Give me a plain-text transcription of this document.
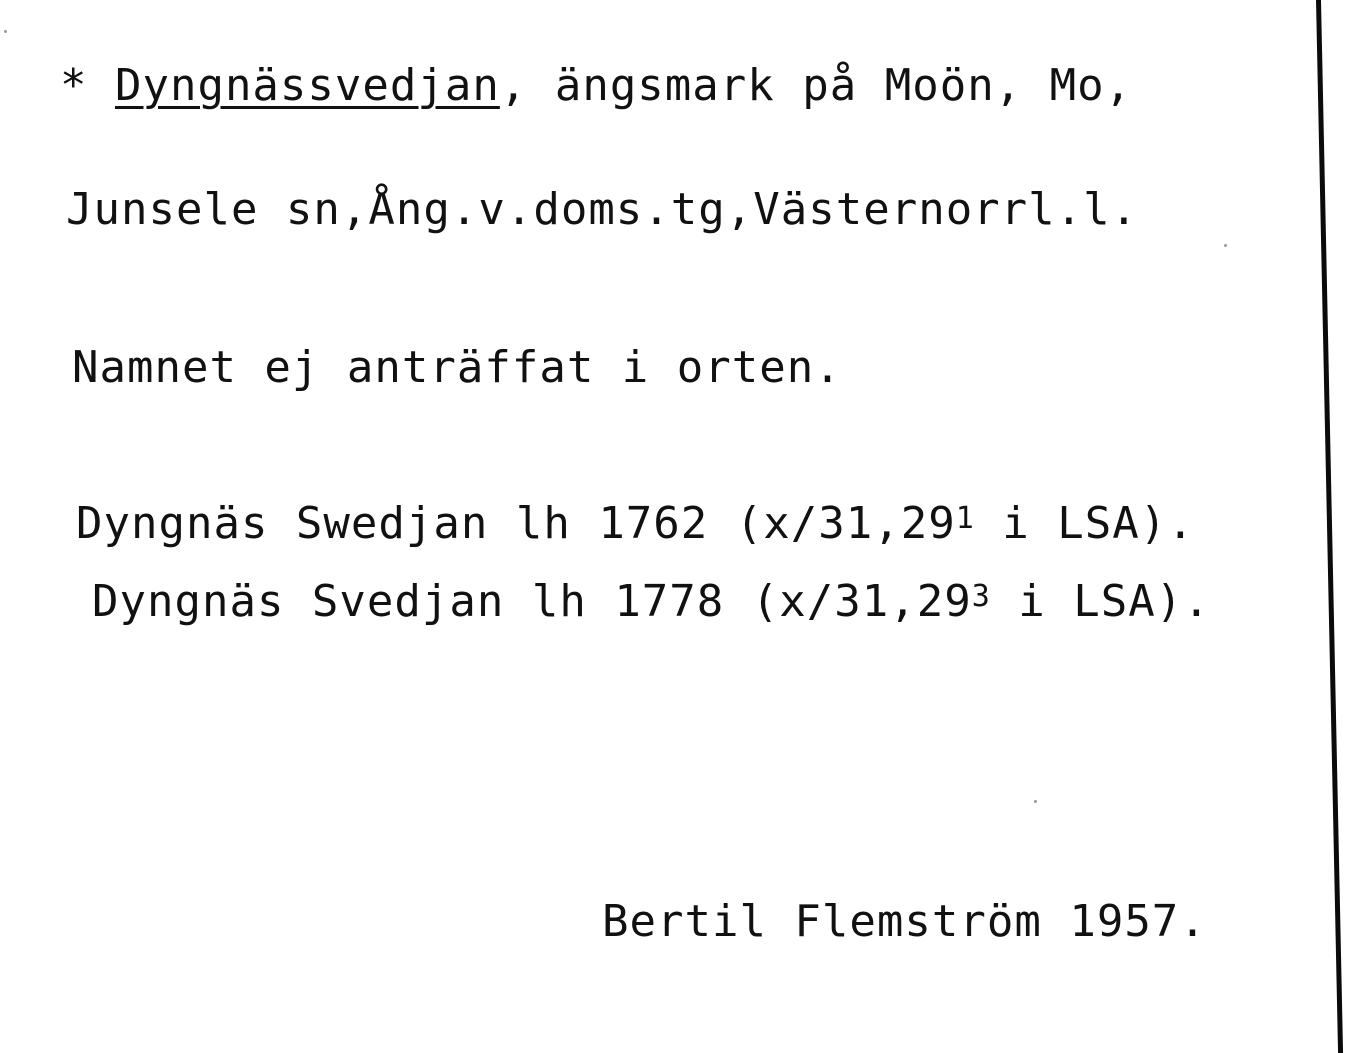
* Dyngnässvedjan, ängsmark på Moön, Mo,
Junsele sn,Ång.v.doms.tg,Västernorrl.l.
Namnet ej anträffat i orten.
Dyngnäs Swedjan lh 1762 (x/31,29$^1$ i LSA).
Dyngnäs Svedjan lh 1778 (x/31,29$^3$ i LSA).
Bertil Flemström 1957.
